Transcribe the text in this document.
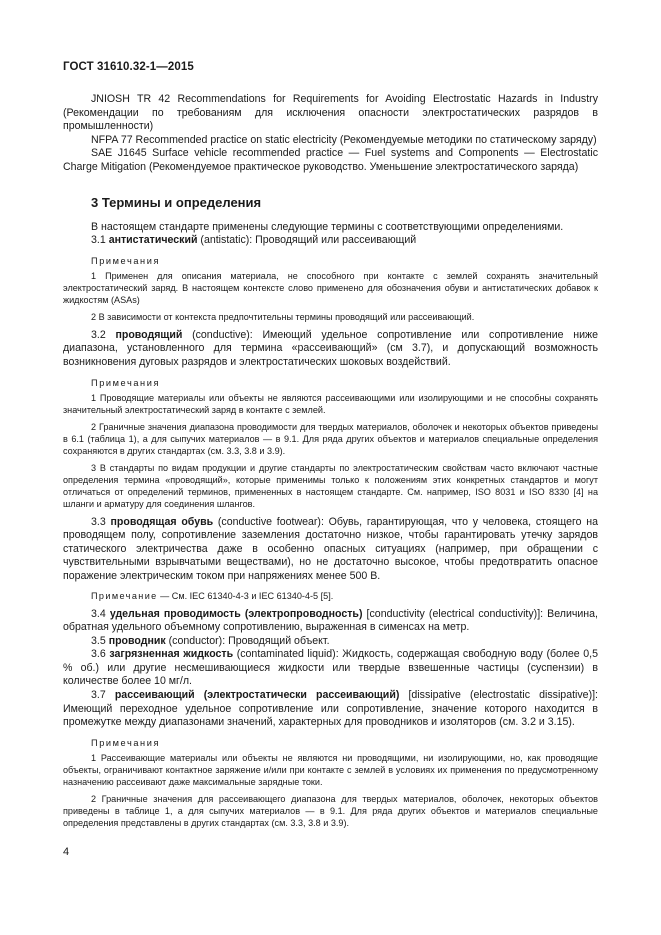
ГОСТ 31610.32-1—2015

JNIOSH TR 42 Recommendations for Requirements for Avoiding Electrostatic Hazards in Industry (Рекомендации по требованиям для исключения опасности электростатических разрядов в промышленности)

NFPA 77 Recommended practice on static electricity (Рекомендуемые методики по статическому заряду)

SAE J1645 Surface vehicle recommended practice — Fuel systems and Components — Electrostatic Charge Mitigation (Рекомендуемое практическое руководство. Уменьшение электростатического заряда)

3 Термины и определения

В настоящем стандарте применены следующие термины с соответствующими определениями.

3.1 антистатический (antistatic): Проводящий или рассеивающий

Примечания

1 Применен для описания материала, не способного при контакте с землей сохранять значительный электростатический заряд. В настоящем контексте слово применено для обозначения обуви и антистатических добавок к жидкостям (ASAs)

2 В зависимости от контекста предпочтительны термины проводящий или рассеивающий.

3.2 проводящий (conductive): Имеющий удельное сопротивление или сопротивление ниже диапазона, установленного для термина «рассеивающий» (см 3.7), и допускающий возможность возникновения дуговых разрядов и электростатических шоковых воздействий.

Примечания

1 Проводящие материалы или объекты не являются рассеивающими или изолирующими и не способны сохранять значительный электростатический заряд в контакте с землей.

2 Граничные значения диапазона проводимости для твердых материалов, оболочек и некоторых объектов приведены в 6.1 (таблица 1), а для сыпучих материалов — в 9.1. Для ряда других объектов и материалов специальные определения сохраняются в других стандартах (см. 3.3, 3.8 и 3.9).

3 В стандарты по видам продукции и другие стандарты по электростатическим свойствам часто включают частные определения термина «проводящий», которые применимы только к положениям этих конкретных стандартов и могут отличаться от определений терминов, примененных в настоящем стандарте. См. например, ISO 8031 и ISO 8330 [4] на шланги и арматуру для соединения шлангов.

3.3 проводящая обувь (conductive footwear): Обувь, гарантирующая, что у человека, стоящего на проводящем полу, сопротивление заземления достаточно низкое, чтобы гарантировать утечку зарядов статического электричества даже в особенно опасных ситуациях (например, при обращении с чувствительными взрывчатыми веществами), но не достаточно высокое, чтобы предотвратить опасное поражение электрическим током при напряжениях менее 500 В.

Примечание — См. IEC 61340-4-3 и IEC 61340-4-5 [5].

3.4 удельная проводимость (электропроводность) [conductivity (electrical conductivity)]: Величина, обратная удельного объемному сопротивлению, выраженная в сименсах на метр.

3.5 проводник (conductor): Проводящий объект.

3.6 загрязненная жидкость (contaminated liquid): Жидкость, содержащая свободную воду (более 0,5 % об.) или другие несмешивающиеся жидкости или твердые взвешенные частицы (суспензии) в количестве более 10 мг/л.

3.7 рассеивающий (электростатически рассеивающий) [dissipative (electrostatic dissipative)]: Имеющий переходное удельное сопротивление или сопротивление, значение которого находится в промежутке между диапазонами значений, характерных для проводников и изоляторов (см. 3.2 и 3.15).

Примечания

1 Рассеивающие материалы или объекты не являются ни проводящими, ни изолирующими, но, как проводящие объекты, ограничивают контактное заряжение и/или при контакте с землей в условиях их применения по предусмотренному назначению рассеивают даже максимальные зарядные токи.

2 Граничные значения для рассеивающего диапазона для твердых материалов, оболочек, некоторых объектов приведены в таблице 1, а для сыпучих материалов — в 9.1. Для ряда других объектов и материалов специальные определения представлены в других стандартах (см. 3.3, 3.8 и 3.9).

4
